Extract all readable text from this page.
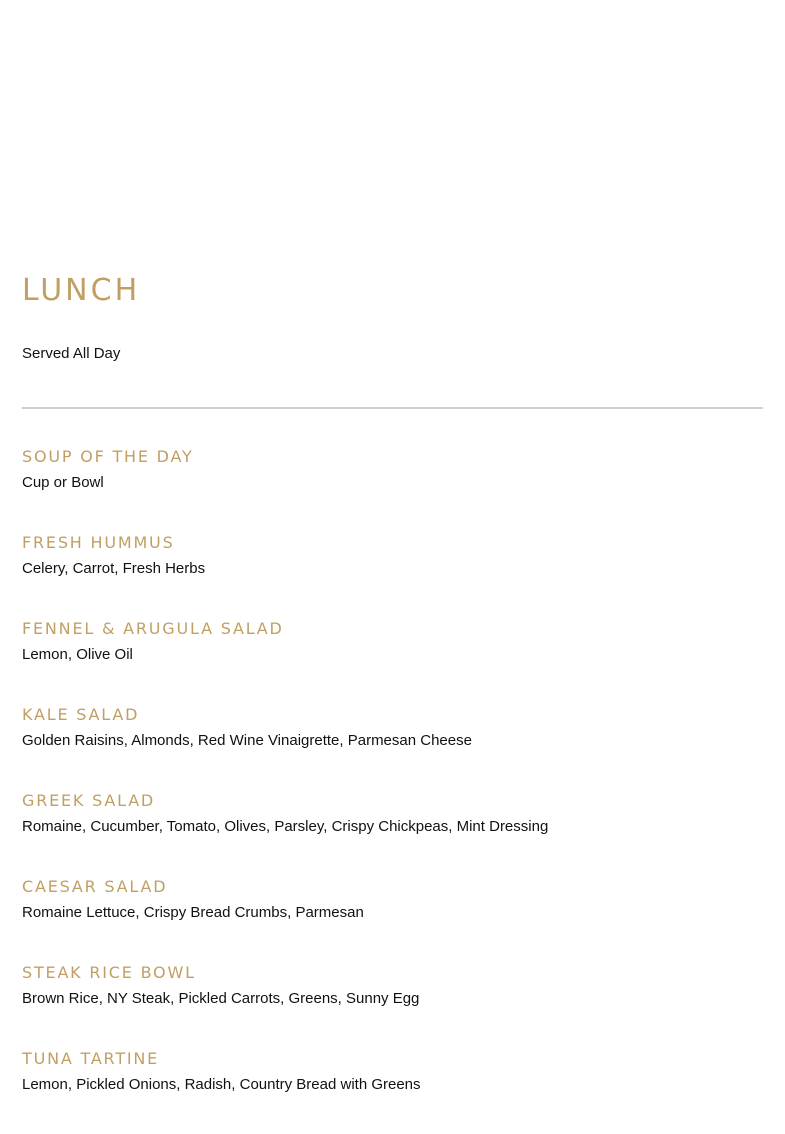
LUNCH

Served All Day

SOUP OF THE DAY
Cup or Bowl
FRESH HUMMUS
Celery, Carrot, Fresh Herbs
FENNEL & ARUGULA SALAD
Lemon, Olive Oil
KALE SALAD
Golden Raisins, Almonds, Red Wine Vinaigrette, Parmesan Cheese
GREEK SALAD
Romaine, Cucumber, Tomato, Olives, Parsley, Crispy Chickpeas, Mint Dressing
CAESAR SALAD
Romaine Lettuce, Crispy Bread Crumbs, Parmesan
STEAK RICE BOWL
Brown Rice, NY Steak, Pickled Carrots, Greens, Sunny Egg
TUNA TARTINE
Lemon, Pickled Onions, Radish, Country Bread with Greens
